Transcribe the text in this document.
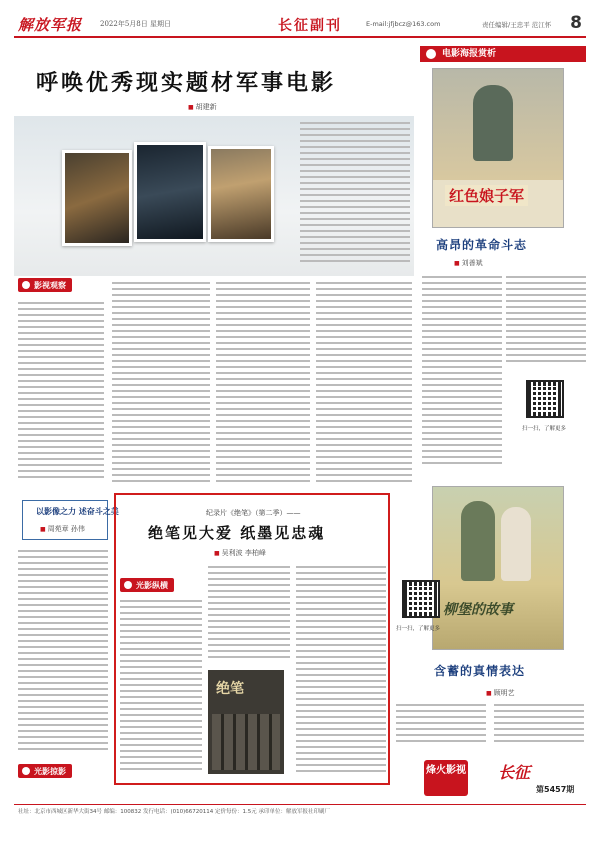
解放军报	2022年5月8日 星期日	长征副刊	E-mail:jfjbcz@163.com	责任编辑/王忠平 范江怀 8
呼唤优秀现实题材军事电影
■ 胡建新
影视观察
以影像之力 述奋斗之美
■ 周苑章 孙伟
光影掠影
纪录片《绝笔》（第二季）——
绝笔见大爱 纸墨见忠魂
■ 吴利波 李柏峰
光影纵横
绝笔
电影海报赏析
红色娘子军
高昂的革命斗志
■ 刘善斌
扫一扫，了解更多
柳堡的故事
含蓄的真情表达
■ 顾明艺
扫一扫，了解更多
烽火影视 长征
第5457期
社址：北京市西城区新华大街34号 邮编：100832 发行电话：(010)66720114 定价每份：1.5元 承印单位：解放军报社印刷厂
